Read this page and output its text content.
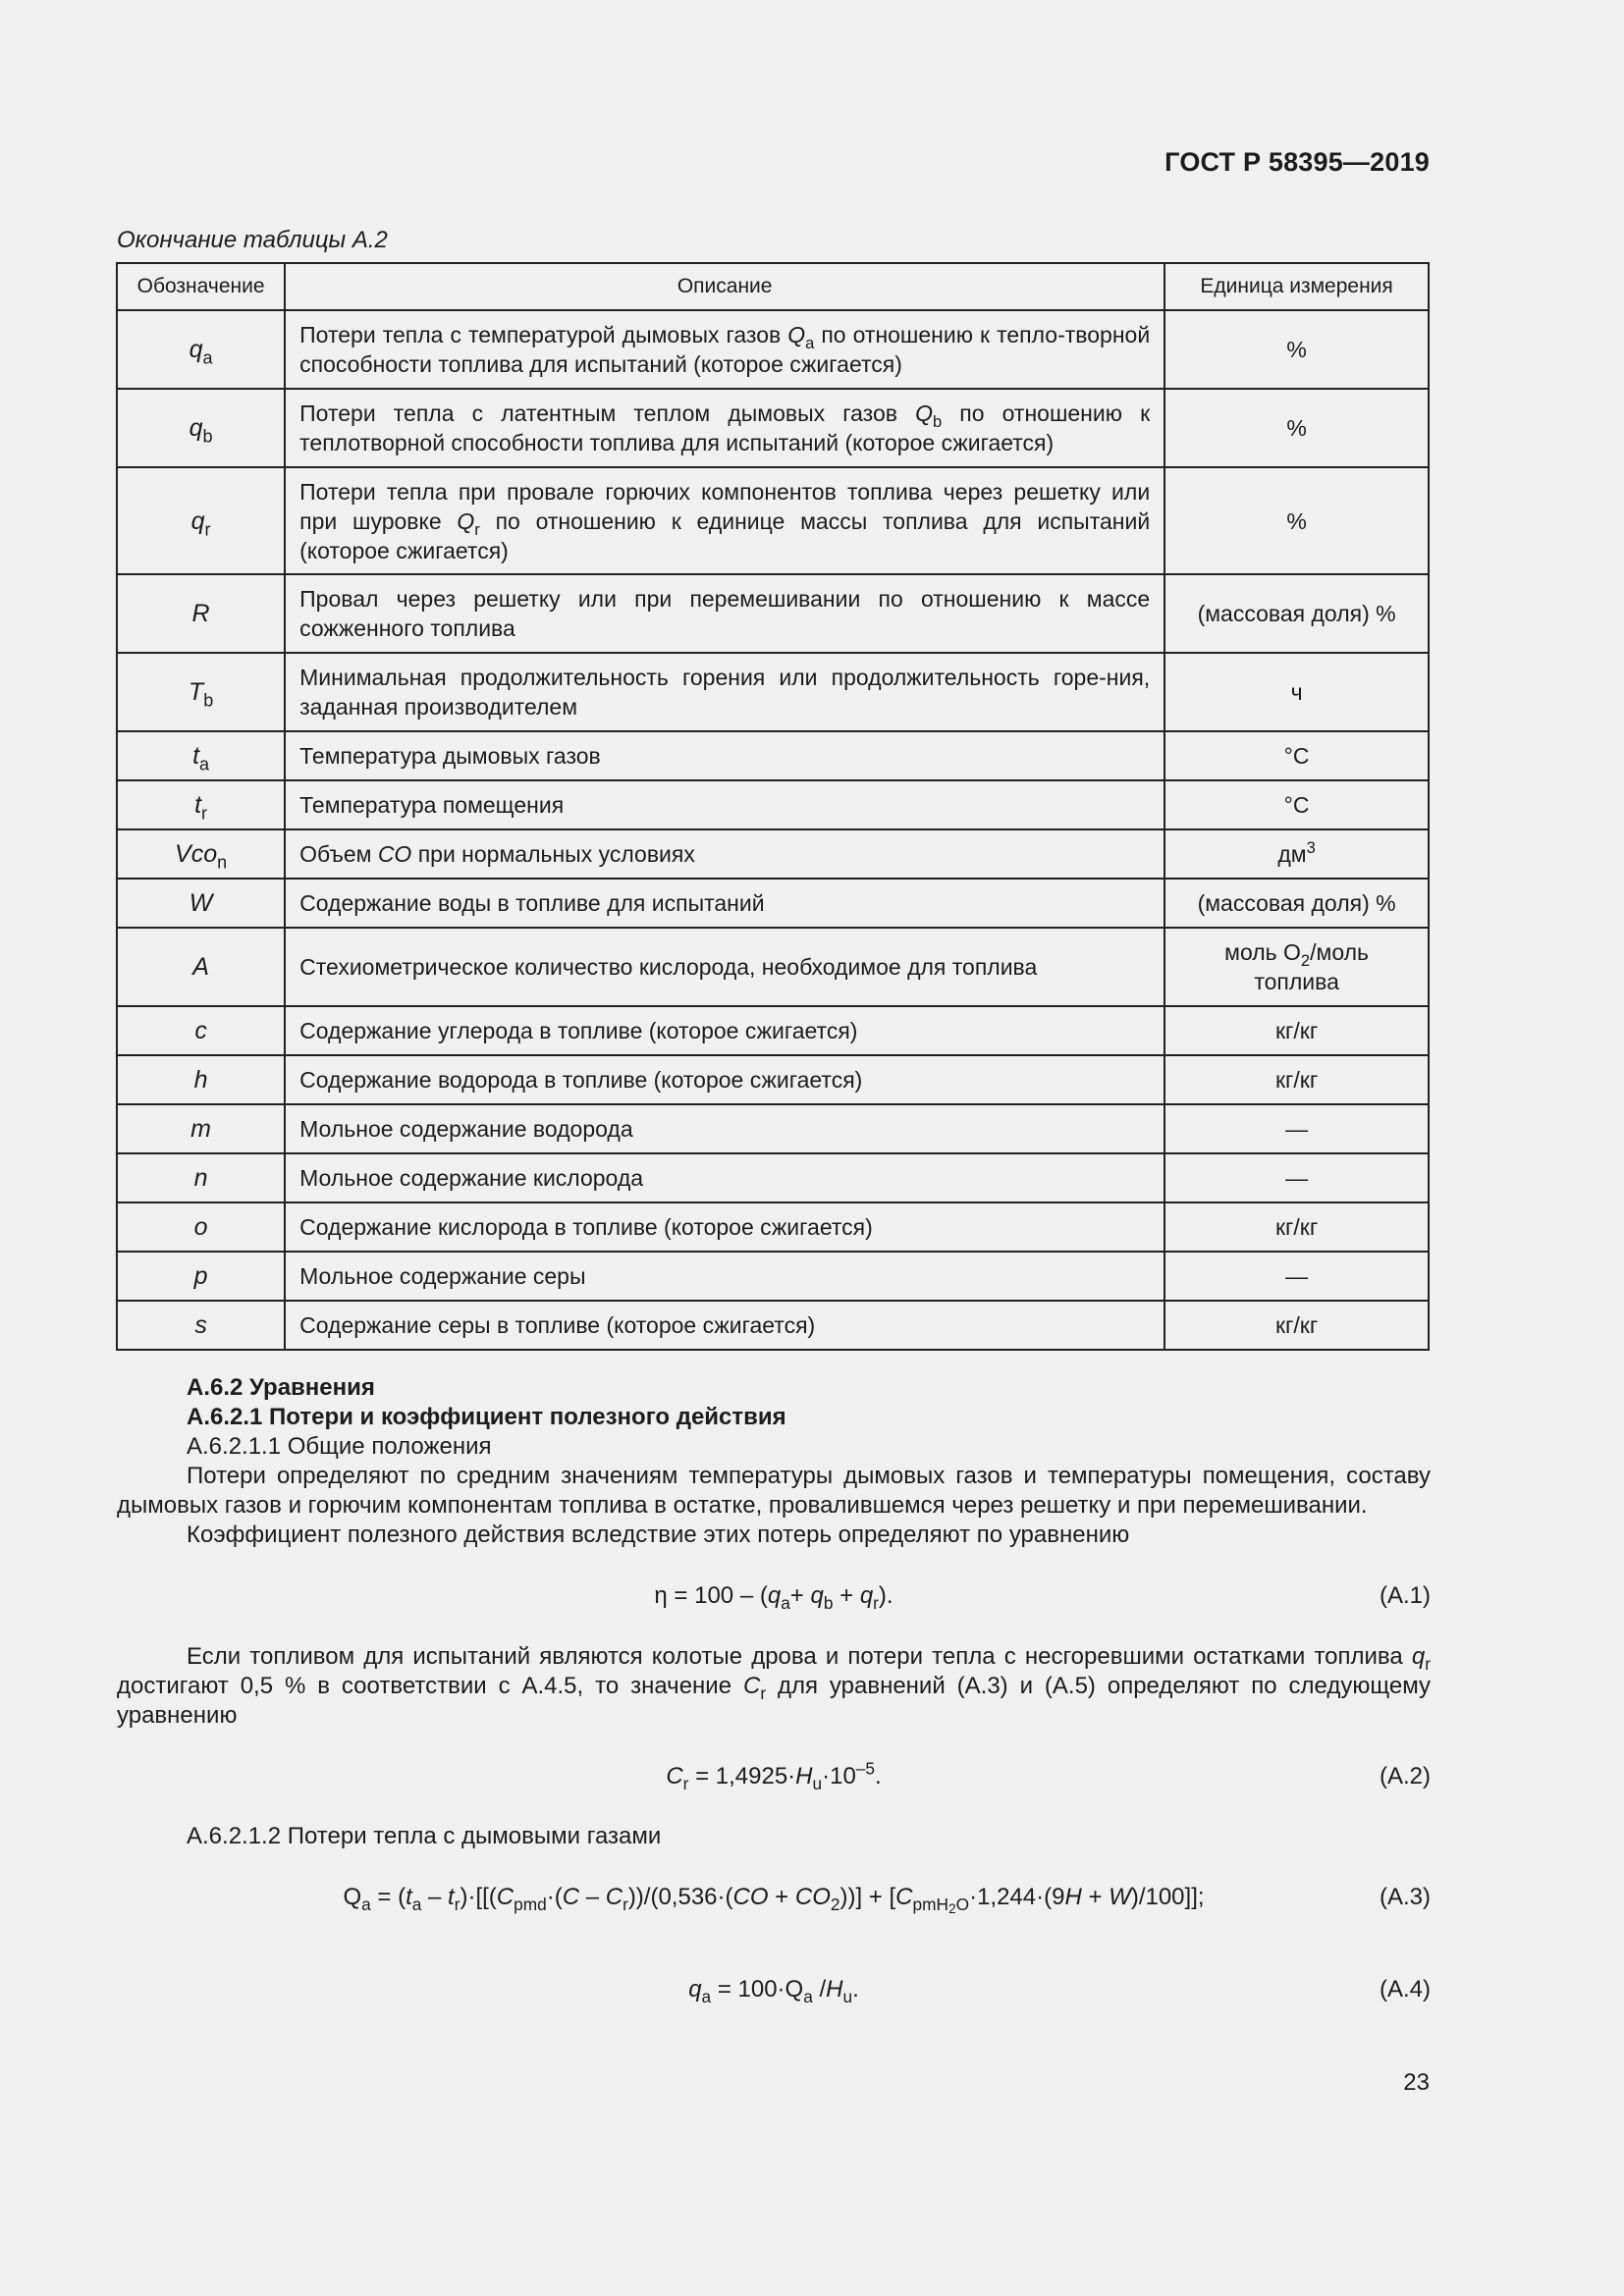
ГОСТ Р 58395—2019
Окончание таблицы А.2
Обозначение	Описание	Единица измерения
$q_a$	Потери тепла с температурой дымовых газов $Q_a$ по отношению к тепло-творной способности топлива для испытаний (которое сжигается)	%
$q_b$	Потери тепла с латентным теплом дымовых газов $Q_b$ по отношению к теплотворной способности топлива для испытаний (которое сжигается)	%
$q_r$	Потери тепла при провале горючих компонентов топлива через решетку или при шуровке $Q_r$ по отношению к единице массы топлива для испытаний (которое сжигается)	%
R	Провал через решетку или при перемешивании по отношению к массе сожженного топлива	(массовая доля) %
$T_b$	Минимальная продолжительность горения или продолжительность горе-ния, заданная производителем	ч
$t_a$	Температура дымовых газов	°С
$t_r$	Температура помещения	°С
Vco$_n$	Объем CO при нормальных условиях	$дм^3$
W	Содержание воды в топливе для испытаний	(массовая доля) %
A	Стехиометрическое количество кислорода, необходимое для топлива	моль $О_2$/моль топлива
c	Содержание углерода в топливе (которое сжигается)	кг/кг
h	Содержание водорода в топливе (которое сжигается)	кг/кг
m	Мольное содержание водорода	—
n	Мольное содержание кислорода	—
o	Содержание кислорода в топливе (которое сжигается)	кг/кг
p	Мольное содержание серы	—
s	Содержание серы в топливе (которое сжигается)	кг/кг

А.6.2 Уравнения

А.6.2.1 Потери и коэффициент полезного действия

А.6.2.1.1 Общие положения

Потери определяют по средним значениям температуры дымовых газов и температуры помещения, составу дымовых газов и горючим компонентам топлива в остатке, провалившемся через решетку и при перемешивании.

Коэффициент полезного действия вследствие этих потерь определяют по уравнению

$\eta = 100 - (q_a+ q_b + q_r)$.	(А.1)

Если топливом для испытаний являются колотые дрова и потери тепла с несгоревшими остатками топлива $q_r$ достигают 0,5 % в соответствии с А.4.5, то значение $C_r$ для уравнений (А.3) и (А.5) определяют по следующему уравнению

$C_r = 1,4925\cdot H_u\cdot 10^{-5}$.	(А.2)

А.6.2.1.2 Потери тепла с дымовыми газами

$Q_a = (t_a - t_r)\cdot[[(C_{pmd}\cdot(C - C_r))/(0,536\cdot(CO + CO_2))] + [C_{pmH2O}\cdot 1,244\cdot(9H + W)/100]]$;	(А.3)
$q_a = 100\cdot Q_a$ $/H_u$.	(А.4)
23
